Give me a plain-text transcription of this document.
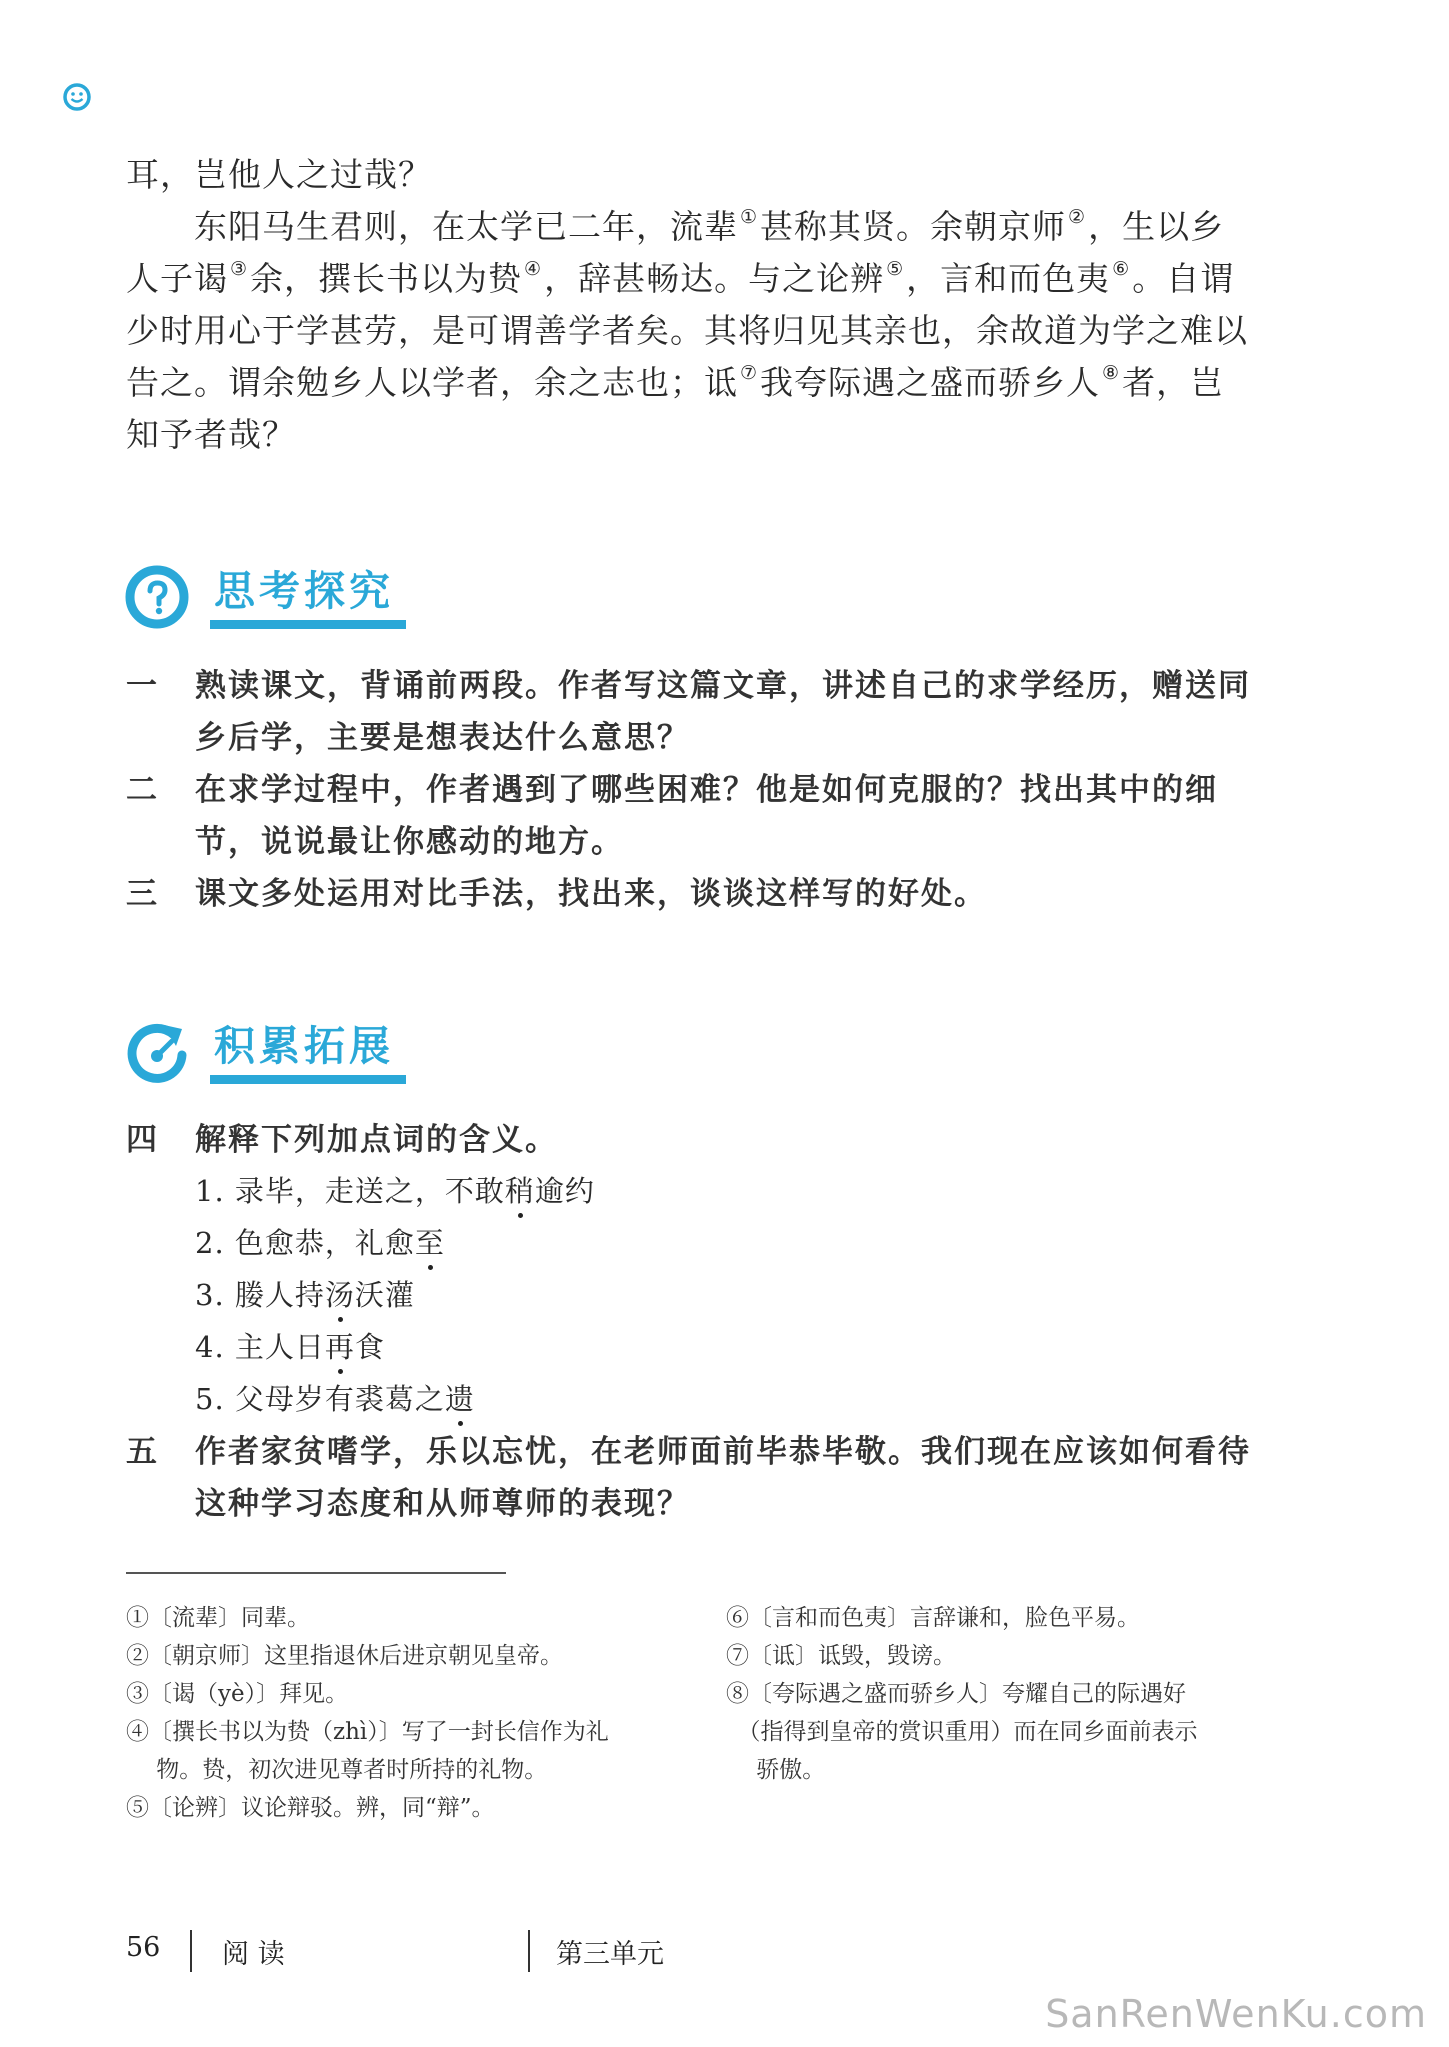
耳，岂他人之过哉？
　　东阳马生君则，在太学已二年，流辈 ①甚称其贤。余朝京师 ②，生以乡
人子谒 ③余，撰长书以为贽 ④，辞甚畅达。与之论辨 ⑤，言和而色夷 ⑥。自谓
少时用心于学甚劳，是可谓善学者矣。其将归见其亲也，余故道为学之难以
告之。谓余勉乡人以学者，余之志也；诋 ⑦我夸际遇之盛而骄乡人 ⑧者，岂
知予者哉？
思考探究
一 熟读课文，背诵前两段。作者写这篇文章，讲述自己的求学经历，赠送同
乡后学，主要是想表达什么意思？
二 在求学过程中，作者遇到了哪些困难？他是如何克服的？找出其中的细
节，说说最让你感动的地方。
三 课文多处运用对比手法，找出来，谈谈这样写的好处。
积累拓展
四 解释下列加点词的含义。
1. 录毕，走送之，不敢稍逾约
2. 色愈恭，礼愈至
3. 媵人持汤沃灌
4. 主人日再食
5. 父母岁有裘葛之遗
五 作者家贫嗜学，乐以忘忧，在老师面前毕恭毕敬。我们现在应该如何看待
这种学习态度和从师尊师的表现？
①〔流辈〕同辈。
②〔朝京师〕这里指退休后进京朝见皇帝。
③〔谒（yè）〕拜见。
④〔撰长书以为贽（zhì）〕写了一封长信作为礼
　 物。贽，初次进见尊者时所持的礼物。
⑤〔论辨〕议论辩驳。辨，同“辩”。
⑥〔言和而色夷〕言辞谦和，脸色平易。
⑦〔诋〕诋毁，毁谤。
⑧〔夸际遇之盛而骄乡人〕夸耀自己的际遇好
　（指得到皇帝的赏识重用）而在同乡面前表示
　 骄傲。
56 阅 读	第三单元
SanRenWenKu.com
